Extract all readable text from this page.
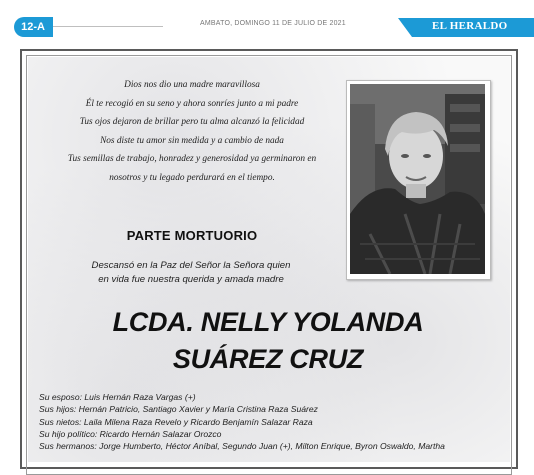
12-A	AMBATO, DOMINGO 11 DE JULIO DE 2021	EL HERALDO
Dios nos dio una madre maravillosa
Él te recogió en su seno y ahora sonríes junto a mi padre
Tus ojos dejaron de brillar pero tu alma alcanzó la felicidad
Nos diste tu amor sin medida y a cambio de nada
Tus semillas de trabajo, honradez y generosidad ya germinaron en
nosotros y tu legado perdurará en el tiempo.
PARTE MORTUORIO
Descansó en la Paz del Señor la Señora quien
en vida fue nuestra querida y amada madre
LCDA. NELLY YOLANDA
SUÁREZ CRUZ
Su esposo: Luis Hernán Raza Vargas (+)
Sus hijos: Hernán Patricio, Santiago Xavier y María Cristina Raza Suárez
Sus nietos: Laila Milena Raza Revelo y Ricardo Benjamín Salazar Raza
Su hijo político: Ricardo Hernán Salazar Orozco
Sus hermanos: Jorge Humberto, Héctor Aníbal, Segundo Juan (+), Milton Enrique, Byron Oswaldo, Martha
